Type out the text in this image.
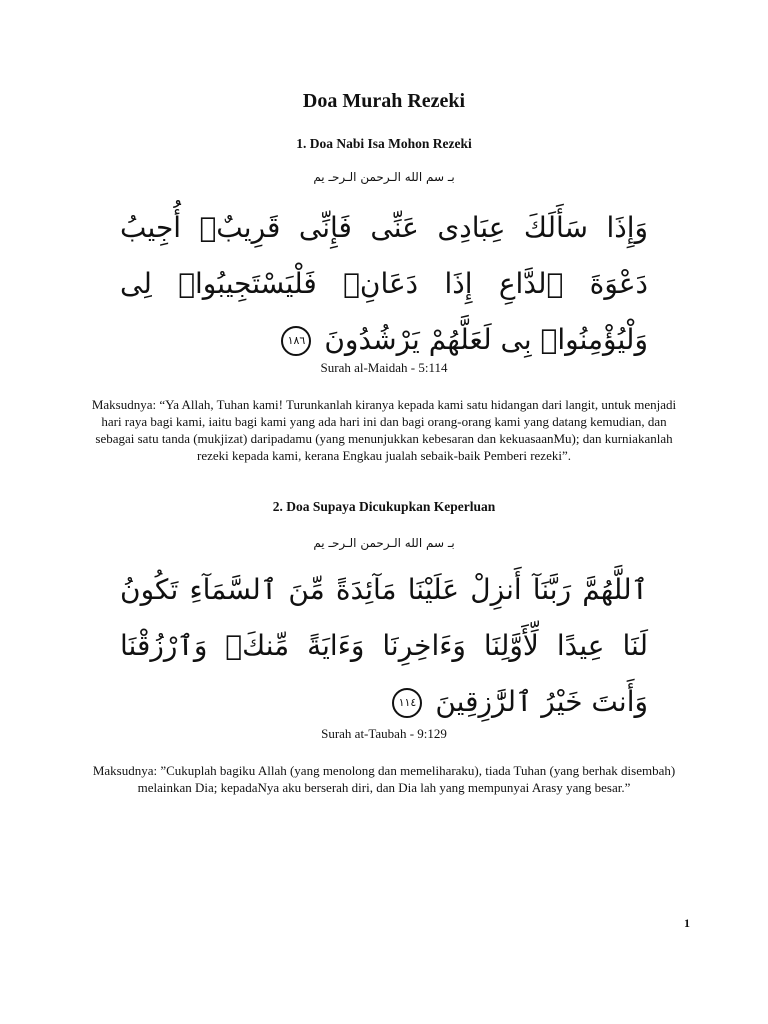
Doa Murah Rezeki
1. Doa Nabi Isa Mohon Rezeki
بـ سم الله الـرحمن الـرحـ يم
وَإِذَا سَأَلَكَ عِبَادِى عَنِّى فَإِنِّى قَرِيبٌۖ أُجِيبُ دَعْوَةَ ٱلدَّاعِ إِذَا دَعَانِۖ فَلْيَسْتَجِيبُوا۟ لِى وَلْيُؤْمِنُوا۟ بِى لَعَلَّهُمْ يَرْشُدُونَ ١٨٦
Surah al-Maidah - 5:114
Maksudnya: “Ya Allah, Tuhan kami! Turunkanlah kiranya kepada kami satu hidangan dari langit, untuk menjadi hari raya bagi kami, iaitu bagi kami yang ada hari ini dan bagi orang-orang kami yang datang kemudian, dan sebagai satu tanda (mukjizat) daripadamu (yang menunjukkan kebesaran dan kekuasaanMu); dan kurniakanlah rezeki kepada kami, kerana Engkau jualah sebaik-baik Pemberi rezeki”.
2. Doa Supaya Dicukupkan Keperluan
بـ سم الله الـرحمن الـرحـ يم
ٱللَّهُمَّ رَبَّنَآ أَنزِلْ عَلَيْنَا مَآئِدَةً مِّنَ ٱلسَّمَآءِ تَكُونُ لَنَا عِيدًا لِّأَوَّلِنَا وَءَاخِرِنَا وَءَايَةً مِّنكَۖ وَٱرْزُقْنَا وَأَنتَ خَيْرُ ٱلرَّٰزِقِينَ ١١٤
Surah at-Taubah - 9:129
Maksudnya: ”Cukuplah bagiku Allah (yang menolong dan memeliharaku), tiada Tuhan (yang berhak disembah) melainkan Dia; kepadaNya aku berserah diri, dan Dia lah yang mempunyai Arasy yang besar.”
1
